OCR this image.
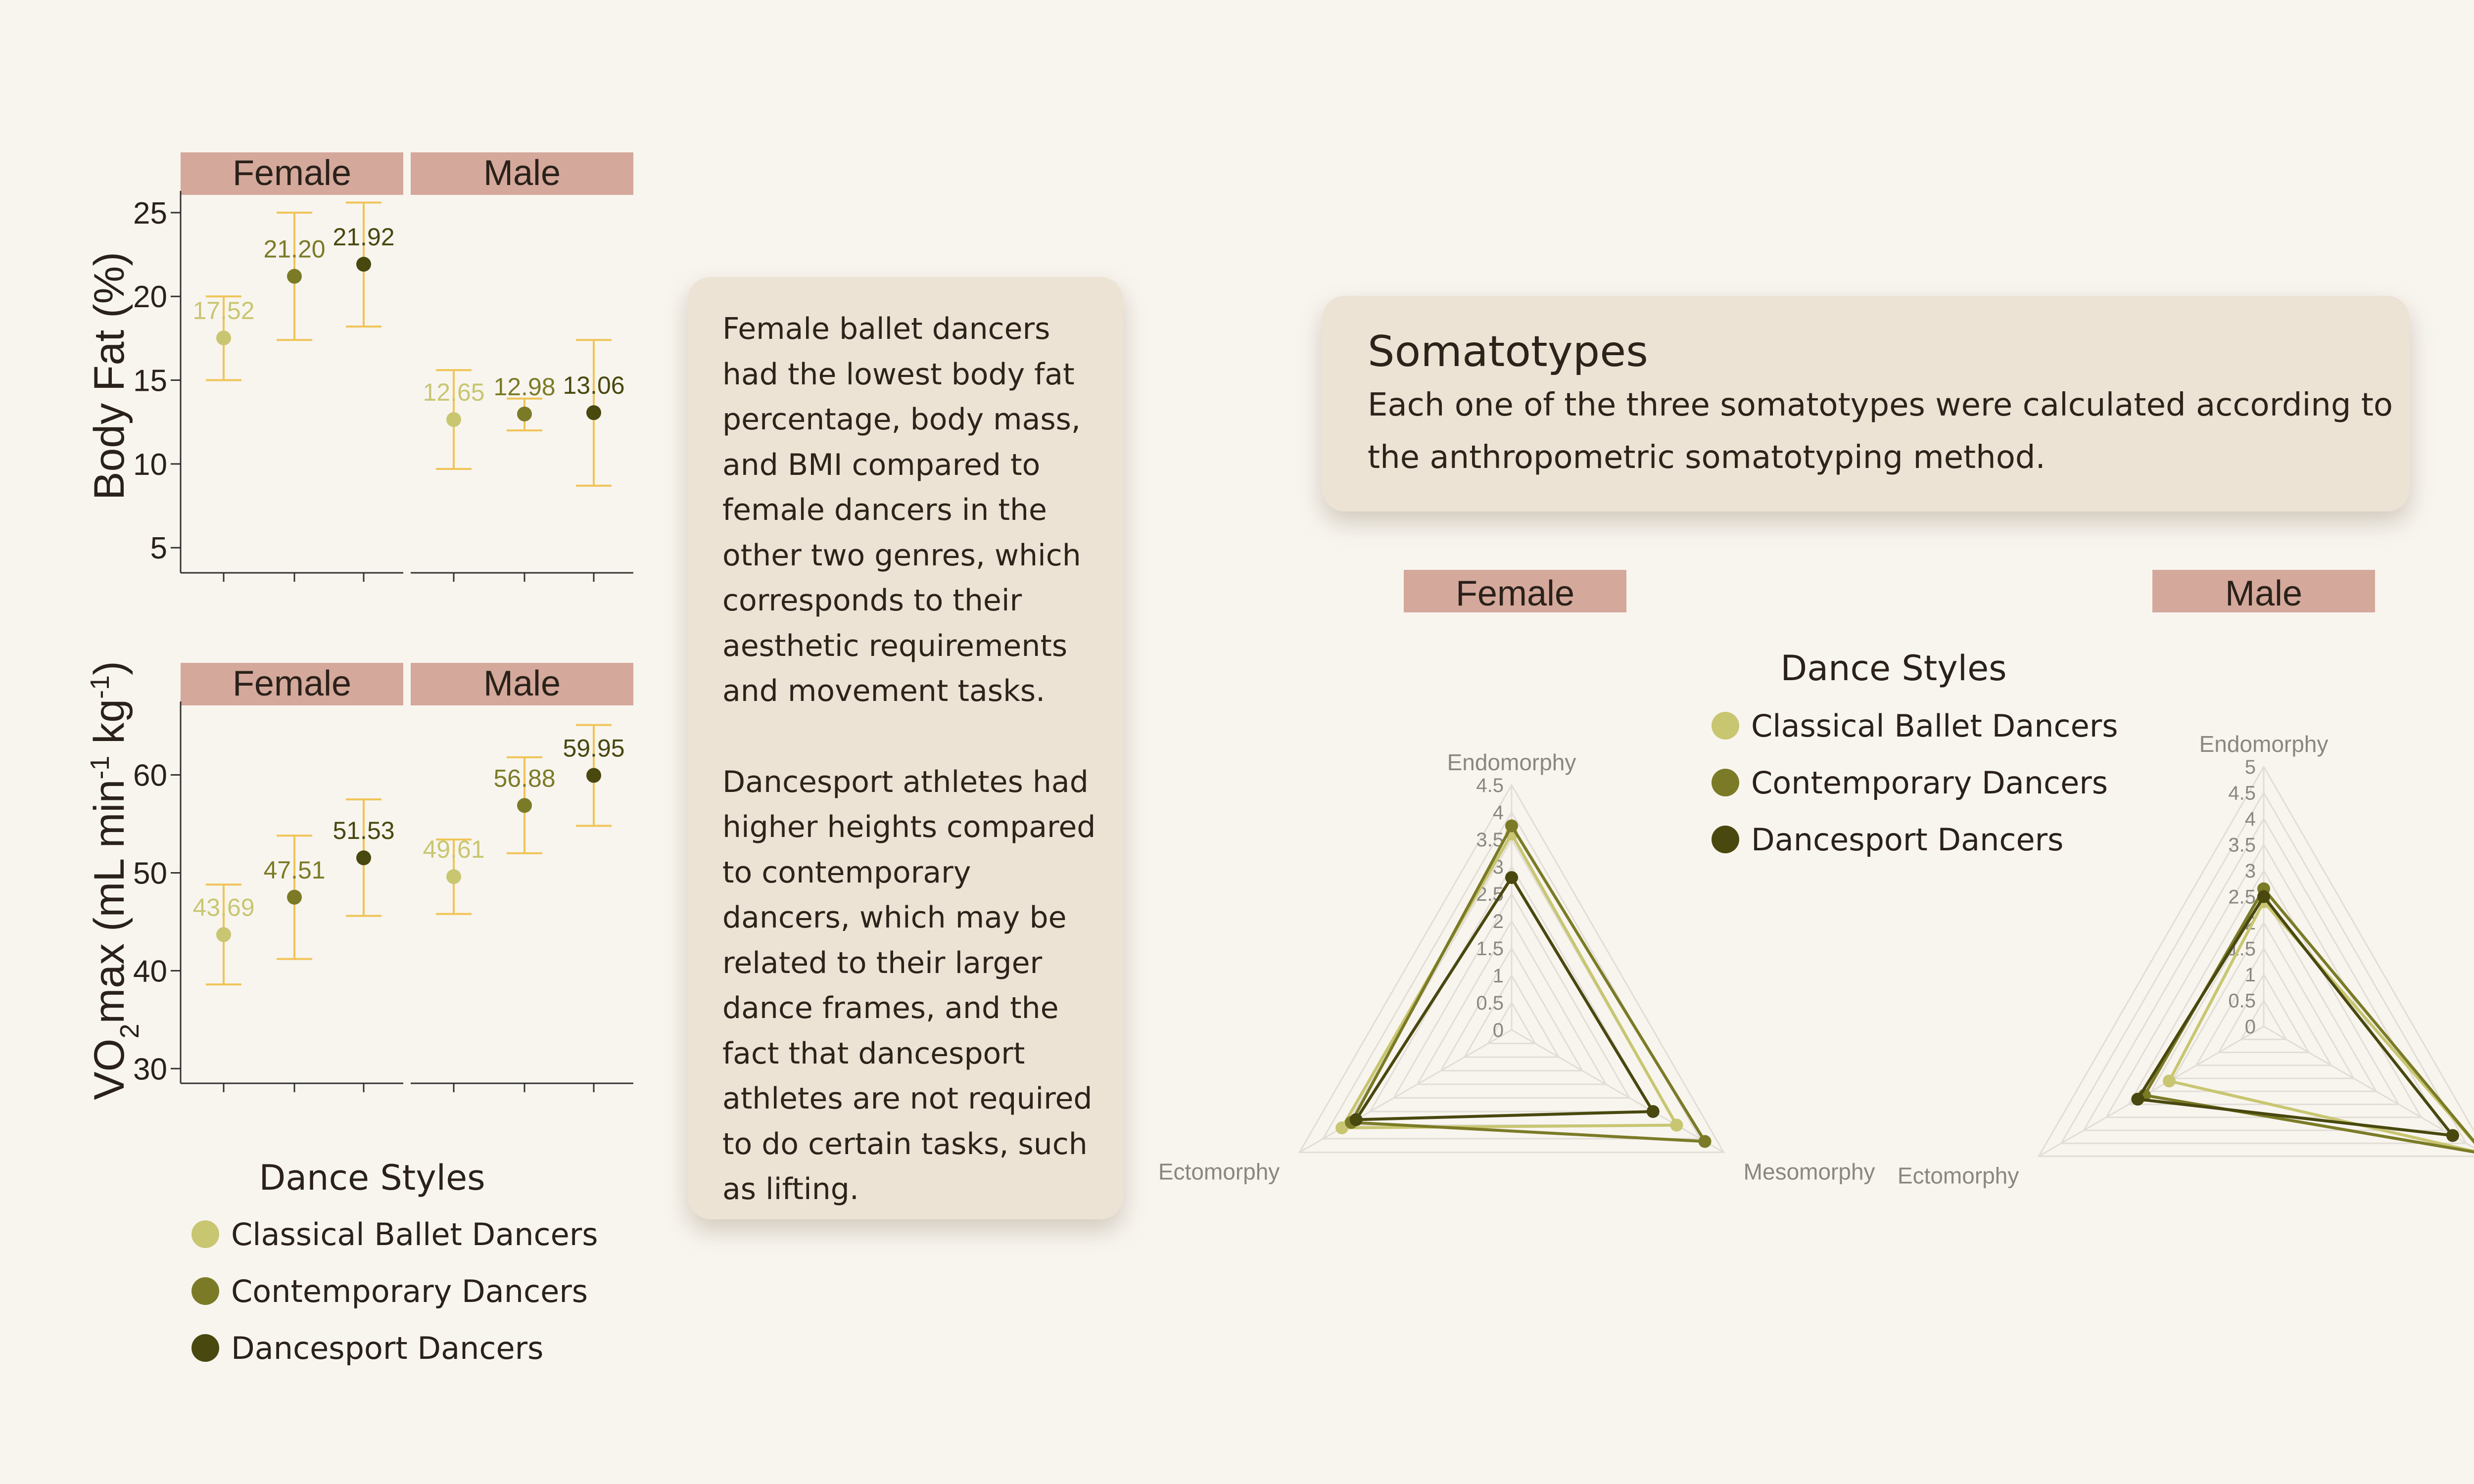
Female	Male
5
10
15
20
25
17.52
12.65
21.20
12.98
21.92
13.06
Body Fat (%)
Female	Male
30
40
50
60
43.69
49.61
47.51
56.88
51.53
59.95
$VO_2\max$ (mL $\min^{-1} kg^{-1}$)
Dance Styles
Classical Ballet Dancers
Contemporary Dancers
Dancesport Dancers
Female
0
0.5
1
1.5
2
2.5
3
3.5
4
4.5
Endomorphy
Mesomorphy
Ectomorphy
Male
0
0.5
1
1.5
2
2.5
3
3.5
4
4.5
5
Endomorphy
Ectomorphy
Dance Styles
Classical Ballet Dancers
Contemporary Dancers
Dancesport Dancers

Female ballet dancers had the lowest body fat percentage, body mass, and BMI compared to female dancers in the other two genres, which corresponds to their aesthetic requirements and movement tasks.

Dancesport athletes had higher heights compared to contemporary dancers, which may be related to their larger dance frames, and the fact that dancesport athletes are not required to do certain tasks, such as lifting.

Somatotypes

Each one of the three somatotypes were calculated according to the anthropometric somatotyping method.
